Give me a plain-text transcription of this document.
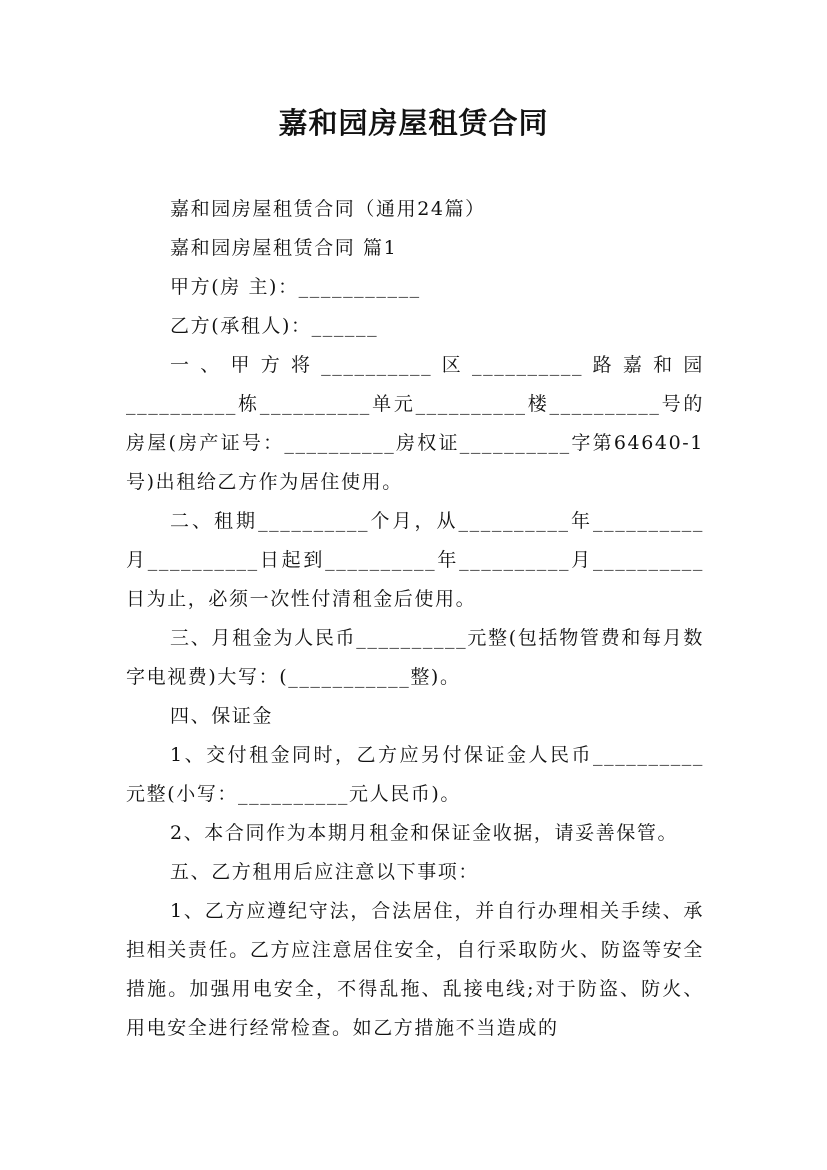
嘉和园房屋租赁合同

嘉和园房屋租赁合同（通用24篇）

嘉和园房屋租赁合同 篇1

甲方(房 主)：___________

乙方(承租人)：______

一、甲方将__________区__________路嘉和园__________栋__________单元__________楼__________号的房屋(房产证号：__________房权证__________字第64640-1号)出租给乙方作为居住使用。

二、租期__________个月，从__________年__________月__________日起到__________年__________月__________日为止，必须一次性付清租金后使用。

三、月租金为人民币__________元整(包括物管费和每月数字电视费)大写：(___________整)。

四、保证金

1、交付租金同时，乙方应另付保证金人民币__________元整(小写：__________元人民币)。

2、本合同作为本期月租金和保证金收据，请妥善保管。

五、乙方租用后应注意以下事项：

1、乙方应遵纪守法，合法居住，并自行办理相关手续、承担相关责任。乙方应注意居住安全，自行采取防火、防盗等安全措施。加强用电安全，不得乱拖、乱接电线;对于防盗、防火、用电安全进行经常检查。如乙方措施不当造成的
